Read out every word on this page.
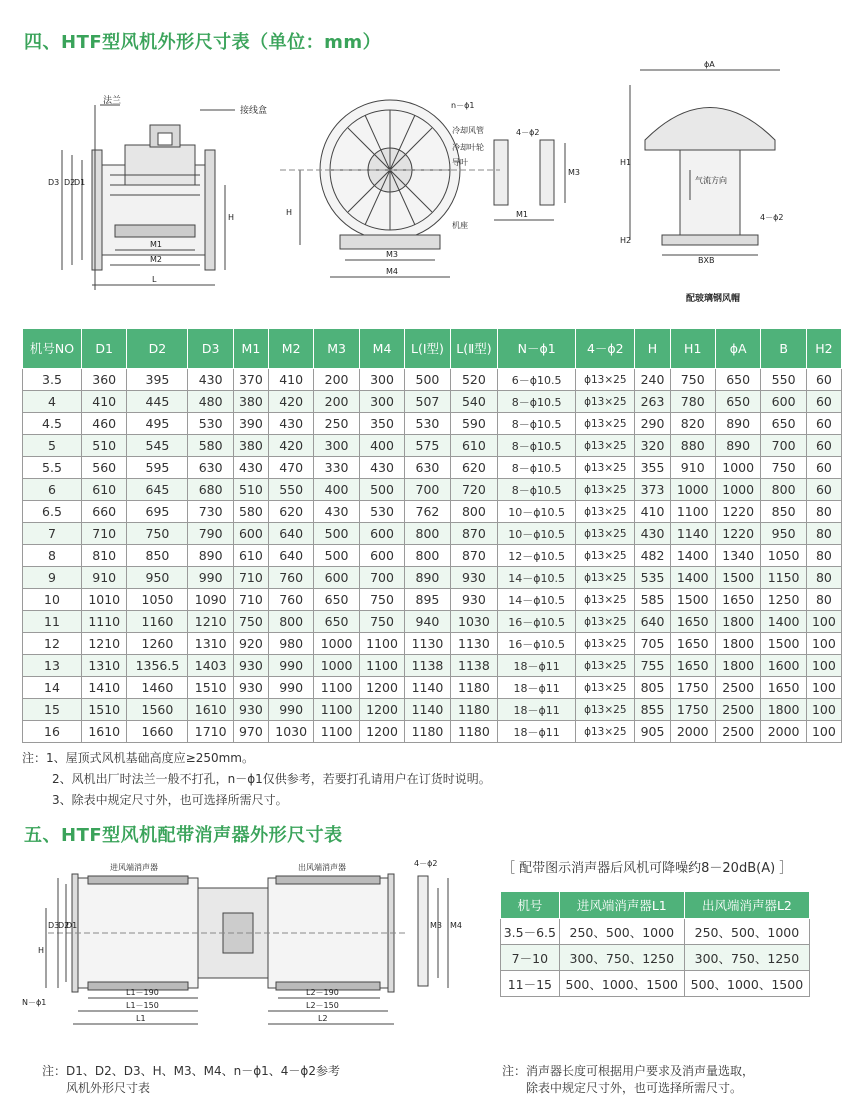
四、HTF型风机外形尺寸表（单位：mm）
法兰
接线盒
n－ϕ1
冷却风管
冷却叶轮
导叶
机座
4－ϕ2
D3 D2
D1
H
M1
M2
L
H
M3
M4
M1
M3
ϕA
H1
H2
BXB
4－ϕ2
气流方向
配玻璃钢风帽
机号NO	D1	D2	D3	M1	M2	M3	M4	L(Ⅰ型)	L(Ⅱ型)	N－ϕ1	4－ϕ2	H	H1	ϕA	B	H2
3.5	360	395	430	370	410	200	300	500	520	6－ϕ10.5	ϕ13×25	240	750	650	550	60
4	410	445	480	380	420	200	300	507	540	8－ϕ10.5	ϕ13×25	263	780	650	600	60
4.5	460	495	530	390	430	250	350	530	590	8－ϕ10.5	ϕ13×25	290	820	890	650	60
5	510	545	580	380	420	300	400	575	610	8－ϕ10.5	ϕ13×25	320	880	890	700	60
5.5	560	595	630	430	470	330	430	630	620	8－ϕ10.5	ϕ13×25	355	910	1000	750	60
6	610	645	680	510	550	400	500	700	720	8－ϕ10.5	ϕ13×25	373	1000	1000	800	60
6.5	660	695	730	580	620	430	530	762	800	10－ϕ10.5	ϕ13×25	410	1100	1220	850	80
7	710	750	790	600	640	500	600	800	870	10－ϕ10.5	ϕ13×25	430	1140	1220	950	80
8	810	850	890	610	640	500	600	800	870	12－ϕ10.5	ϕ13×25	482	1400	1340	1050	80
9	910	950	990	710	760	600	700	890	930	14－ϕ10.5	ϕ13×25	535	1400	1500	1150	80
10	1010	1050	1090	710	760	650	750	895	930	14－ϕ10.5	ϕ13×25	585	1500	1650	1250	80
11	1110	1160	1210	750	800	650	750	940	1030	16－ϕ10.5	ϕ13×25	640	1650	1800	1400	100
12	1210	1260	1310	920	980	1000	1100	1130	1130	16－ϕ10.5	ϕ13×25	705	1650	1800	1500	100
13	1310	1356.5	1403	930	990	1000	1100	1138	1138	18－ϕ11	ϕ13×25	755	1650	1800	1600	100
14	1410	1460	1510	930	990	1100	1200	1140	1180	18－ϕ11	ϕ13×25	805	1750	2500	1650	100
15	1510	1560	1610	930	990	1100	1200	1140	1180	18－ϕ11	ϕ13×25	855	1750	2500	1800	100
16	1610	1660	1710	970	1030	1100	1200	1180	1180	18－ϕ11	ϕ13×25	905	2000	2500	2000	100
注：1、屋顶式风机基础高度应≥250mm。
2、风机出厂时法兰一般不打孔，n－ϕ1仅供参考，若要打孔请用户在订货时说明。
3、除表中规定尺寸外，也可选择所需尺寸。
五、HTF型风机配带消声器外形尺寸表
进风端消声器	出风端消声器	4－ϕ2
N－ϕ1
D3
D2
D1
H
M3 M4
L1－190
L1－150
L1
L2－190
L2－150
L2
［ 配带图示消声器后风机可降噪约8－20dB(A) ］
机号	进风端消声器L1	出风端消声器L2
3.5－6.5	250、500、1000	250、500、1000
7－10	300、750、1250	300、750、1250
11－15	500、1000、1500	500、1000、1500
注：D1、D2、D3、H、M3、M4、n－ϕ1、4－ϕ2参考
风机外形尺寸表
注：消声器长度可根据用户要求及消声量选取，
除表中规定尺寸外，也可选择所需尺寸。
